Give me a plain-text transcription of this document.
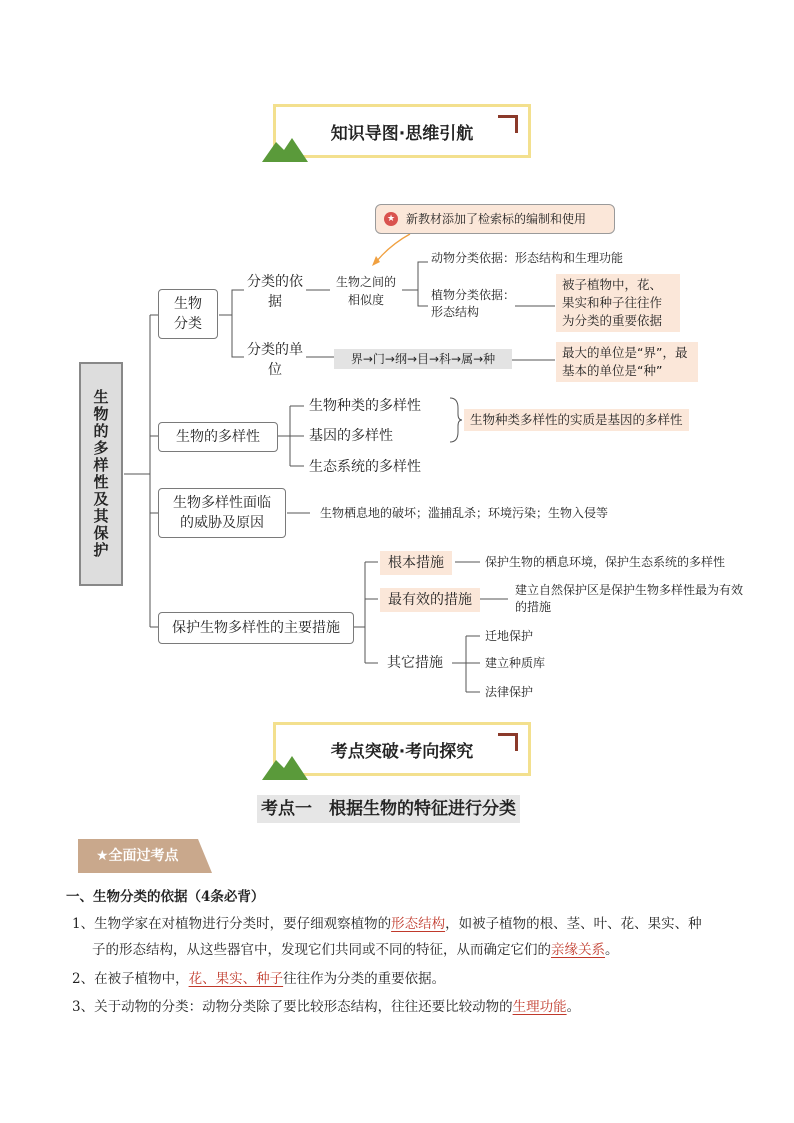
知识导图·思维引航
★ 新教材添加了检索标的编制和使用
生物的多样性及其保护
生物分类
分类的依据
生物之间的相似度
动物分类依据：形态结构和生理功能
植物分类依据：形态结构
被子植物中，花、果实和种子往往作为分类的重要依据
分类的单位
界→门→纲→目→科→属→种	最大的单位是“界”，最基本的单位是“种”
生物的多样性
生物种类的多样性
基因的多样性
生态系统的多样性
生物种类多样性的实质是基因的多样性
生物多样性面临的威胁及原因
生物栖息地的破坏；滥捕乱杀；环境污染；生物入侵等
保护生物多样性的主要措施
根本措施	保护生物的栖息环境，保护生态系统的多样性
最有效的措施
建立自然保护区是保护生物多样性最为有效的措施
其它措施
迁地保护
建立种质库
法律保护
考点突破·考向探究
考点一　根据生物的特征进行分类
★全面过考点
一、生物分类的依据（4条必背）
1、生物学家在对植物进行分类时，要仔细观察植物的形态结构，如被子植物的根、茎、叶、花、果实、种
子的形态结构，从这些器官中，发现它们共同或不同的特征，从而确定它们的亲缘关系。
2、在被子植物中，花、果实、种子往往作为分类的重要依据。
3、关于动物的分类：动物分类除了要比较形态结构，往往还要比较动物的生理功能。
